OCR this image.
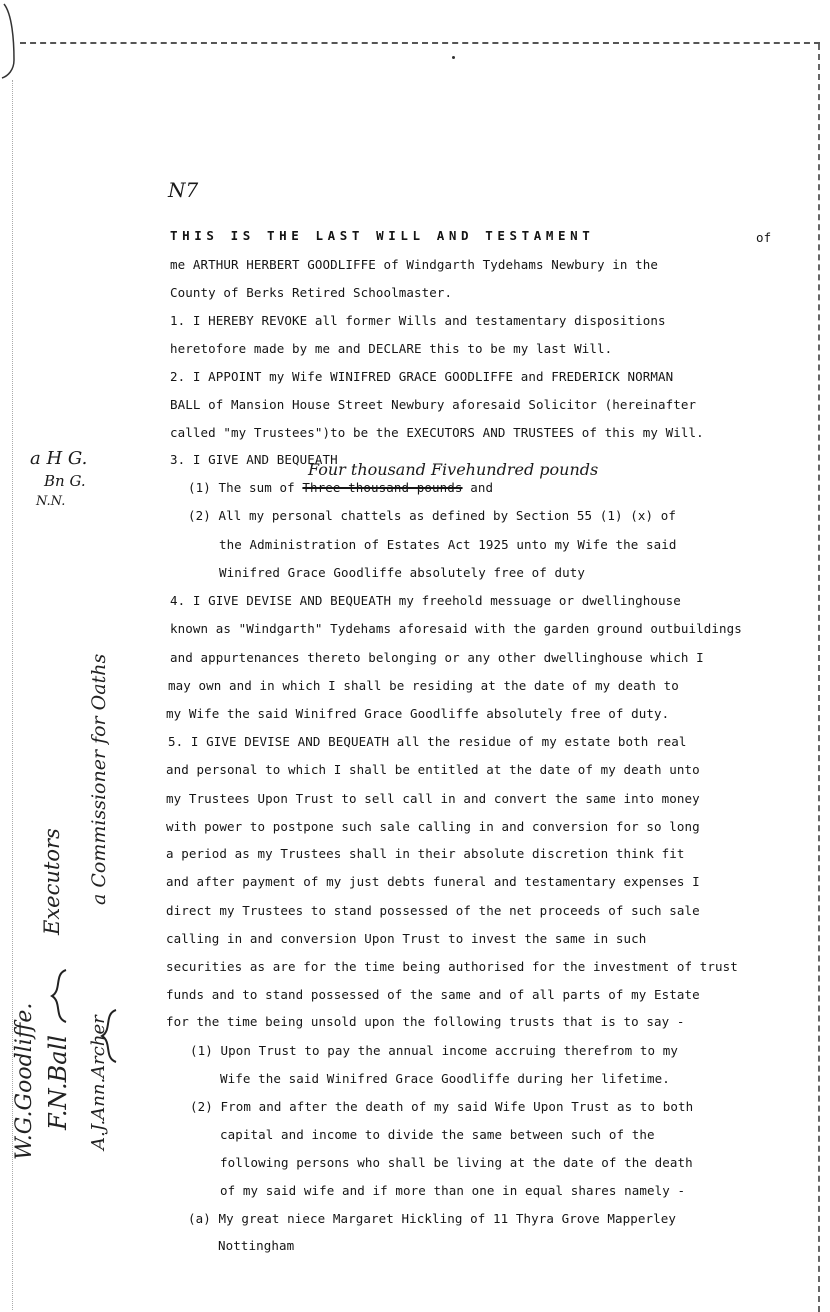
N7
THIS IS THE LAST WILL AND TESTAMENT	of
me ARTHUR HERBERT GOODLIFFE of Windgarth Tydehams Newbury in the
County of Berks Retired Schoolmaster.
1. I HEREBY REVOKE all former Wills and testamentary dispositions
heretofore made by me and DECLARE this to be my last Will.
2. I APPOINT my Wife WINIFRED GRACE GOODLIFFE and FREDERICK NORMAN
BALL of Mansion House Street Newbury aforesaid Solicitor (hereinafter
called "my Trustees")to be the EXECUTORS AND TRUSTEES of this my Will.
3. I GIVE AND BEQUEATH
Four thousand Fivehundred pounds
(1) The sum of Three thousand pounds and
(2) All my personal chattels as defined by Section 55 (1) (x) of
the Administration of Estates Act 1925 unto my Wife the said
Winifred Grace Goodliffe absolutely free of duty
4. I GIVE DEVISE AND BEQUEATH my freehold messuage or dwellinghouse
known as "Windgarth" Tydehams aforesaid with the garden ground outbuildings
and appurtenances thereto belonging or any other dwellinghouse which I
may own and in which I shall be residing at the date of my death to
my Wife the said Winifred Grace Goodliffe absolutely free of duty.
5. I GIVE DEVISE AND BEQUEATH all the residue of my estate both real
and personal to which I shall be entitled at the date of my death unto
my Trustees Upon Trust to sell call in and convert the same into money
with power to postpone such sale calling in and conversion for so long
a period as my Trustees shall in their absolute discretion think fit
and after payment of my just debts funeral and testamentary expenses I
direct my Trustees to stand possessed of the net proceeds of such sale
calling in and conversion Upon Trust to invest the same in such
securities as are for the time being authorised for the investment of trust
funds and to stand possessed of the same and of all parts of my Estate
for the time being unsold upon the following trusts that is to say -
(1) Upon Trust to pay the annual income accruing therefrom to my
Wife the said Winifred Grace Goodliffe during her lifetime.
(2) From and after the death of my said Wife Upon Trust as to both
capital and income to divide the same between such of the
following persons who shall be living at the date of the death
of my said wife and if more than one in equal shares namely -
(a) My great niece Margaret Hickling of 11 Thyra Grove Mapperley
Nottingham
a H G.
Bn G.
N.N.
W.G.Goodliffe. F.N.Ball
Executors
A.J.Ann.Archer
a Commissioner for Oaths
